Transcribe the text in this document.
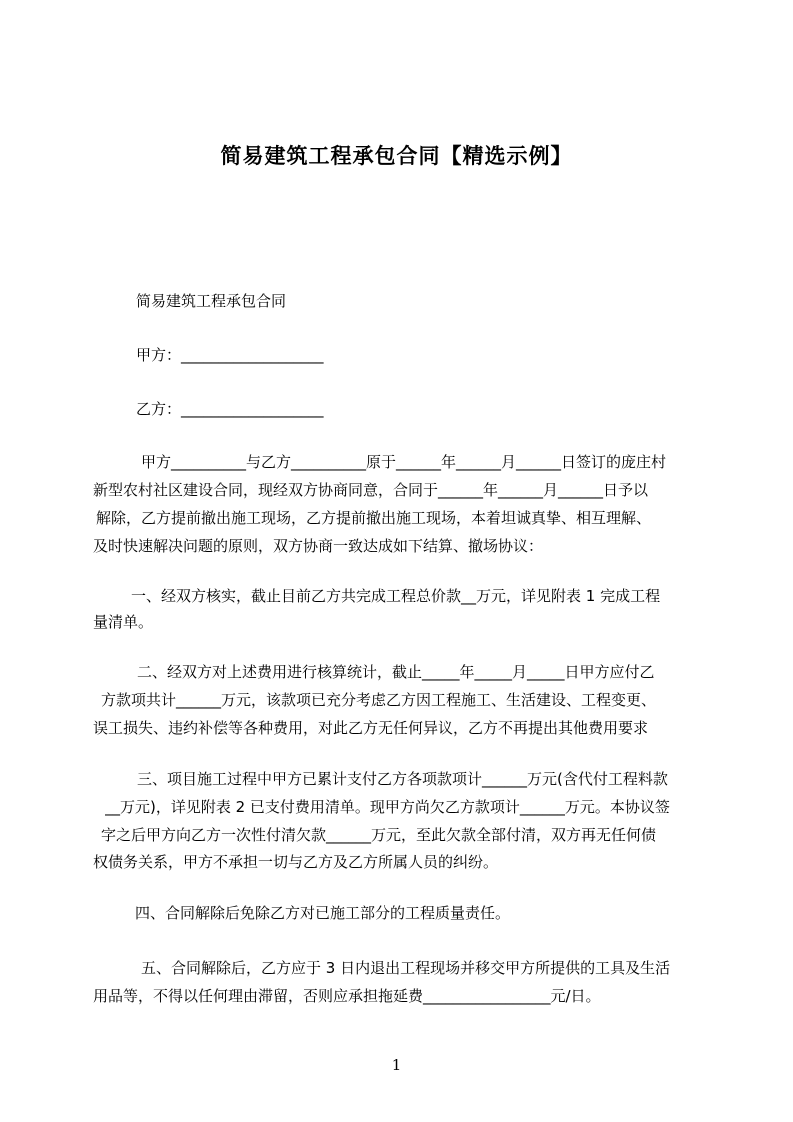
简易建筑工程承包合同【精选示例】
简易建筑工程承包合同
甲方：___________________
乙方：___________________
甲方__________与乙方__________原于______年______月______日签订的庞庄村
新型农村社区建设合同，现经双方协商同意，合同于______年______月______日予以
解除，乙方提前撤出施工现场，乙方提前撤出施工现场，本着坦诚真挚、相互理解、
及时快速解决问题的原则，双方协商一致达成如下结算、撤场协议：
一、经双方核实，截止目前乙方共完成工程总价款__万元，详见附表 1 完成工程
量清单。
二、经双方对上述费用进行核算统计，截止_____年_____月_____日甲方应付乙
方款项共计______万元，该款项已充分考虑乙方因工程施工、生活建设、工程变更、
误工损失、违约补偿等各种费用，对此乙方无任何异议，乙方不再提出其他费用要求
三、项目施工过程中甲方已累计支付乙方各项款项计______万元(含代付工程料款
__万元)，详见附表 2 已支付费用清单。现甲方尚欠乙方款项计______万元。本协议签
字之后甲方向乙方一次性付清欠款______万元，至此欠款全部付清，双方再无任何债
权债务关系，甲方不承担一切与乙方及乙方所属人员的纠纷。
四、合同解除后免除乙方对已施工部分的工程质量责任。
五、合同解除后，乙方应于 3 日内退出工程现场并移交甲方所提供的工具及生活
用品等，不得以任何理由滞留，否则应承担拖延费_________________元/日。
1
